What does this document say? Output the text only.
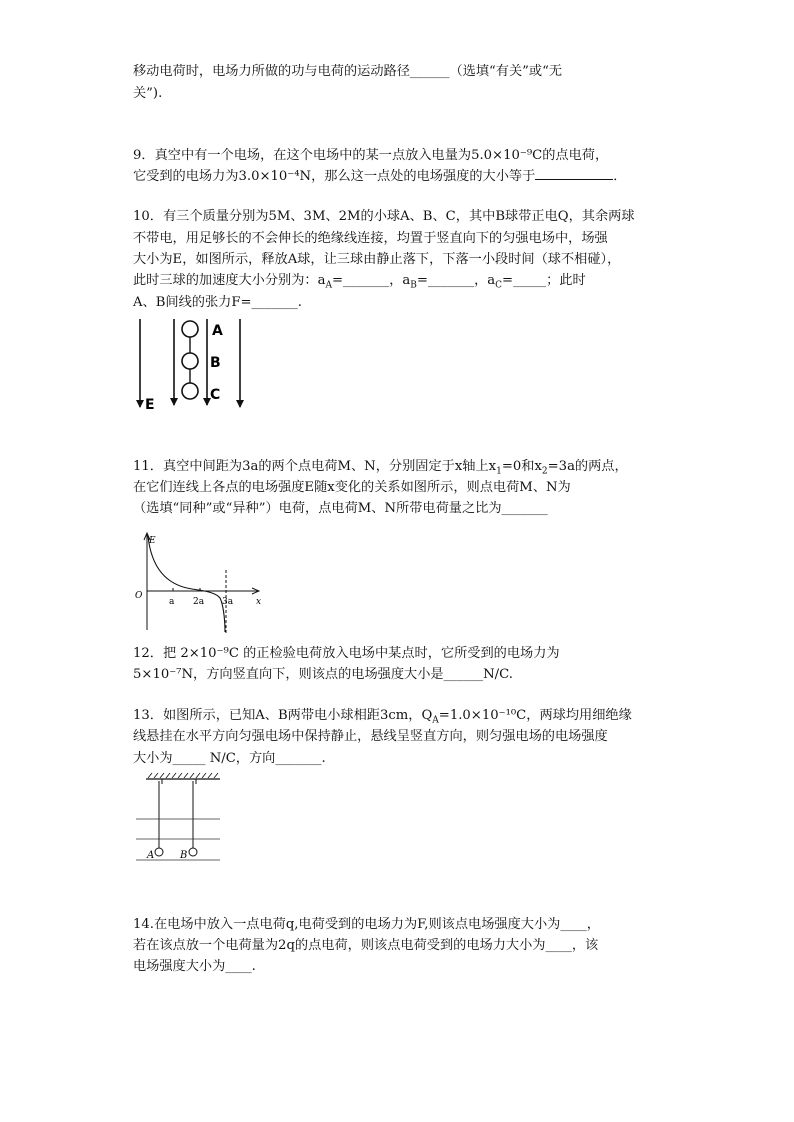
移动电荷时，电场力所做的功与电荷的运动路径______（选填“有关”或“无

关”).

9．真空中有一个电场，在这个电场中的某一点放入电量为5.0×10⁻⁹C的点电荷，

它受到的电场力为3.0×10⁻⁴N，那么这一点处的电场强度的大小等于	．

10．有三个质量分别为5M、3M、2M的小球A、B、C，其中B球带正电Q，其余两球

不带电，用足够长的不会伸长的绝缘线连接，均置于竖直向下的匀强电场中，场强

大小为E，如图所示，释放A球，让三球由静止落下，下落一小段时间（球不相碰），

此时三球的加速度大小分别为：$a_A=\_\_\_\_\_\_\_$，$a_B=\_\_\_\_\_\_\_$，$a_C=\_\_\_\_\_$；此时

A、B间线的张力F=_______.

A
B
C
E

11．真空中间距为3a的两个点电荷M、N，分别固定于x轴上$x_1=0$和$x_2=3a$的两点，

在它们连线上各点的电场强度E随x变化的关系如图所示，则点电荷M、N为

（选填“同种”或“异种”）电荷，点电荷M、N所带电荷量之比为_______

E
x
O
a 2a 3a

12．把 2×10⁻⁹C 的正检验电荷放入电场中某点时，它所受到的电场力为

5×10⁻⁷N，方向竖直向下，则该点的电场强度大小是______N/C.

13．如图所示，已知A、B两带电小球相距3cm，$Q_A=1.0\times 10^{-10}C$，两球均用细绝缘

线悬挂在水平方向匀强电场中保持静止，悬线呈竖直方向，则匀强电场的电场强度

大小为_____ N/C，方向_______.

A	B

14.在电场中放入一点电荷q,电荷受到的电场力为F,则该点电场强度大小为____，

若在该点放一个电荷量为2q的点电荷，则该点电荷受到的电场力大小为____，该

电场强度大小为____.
